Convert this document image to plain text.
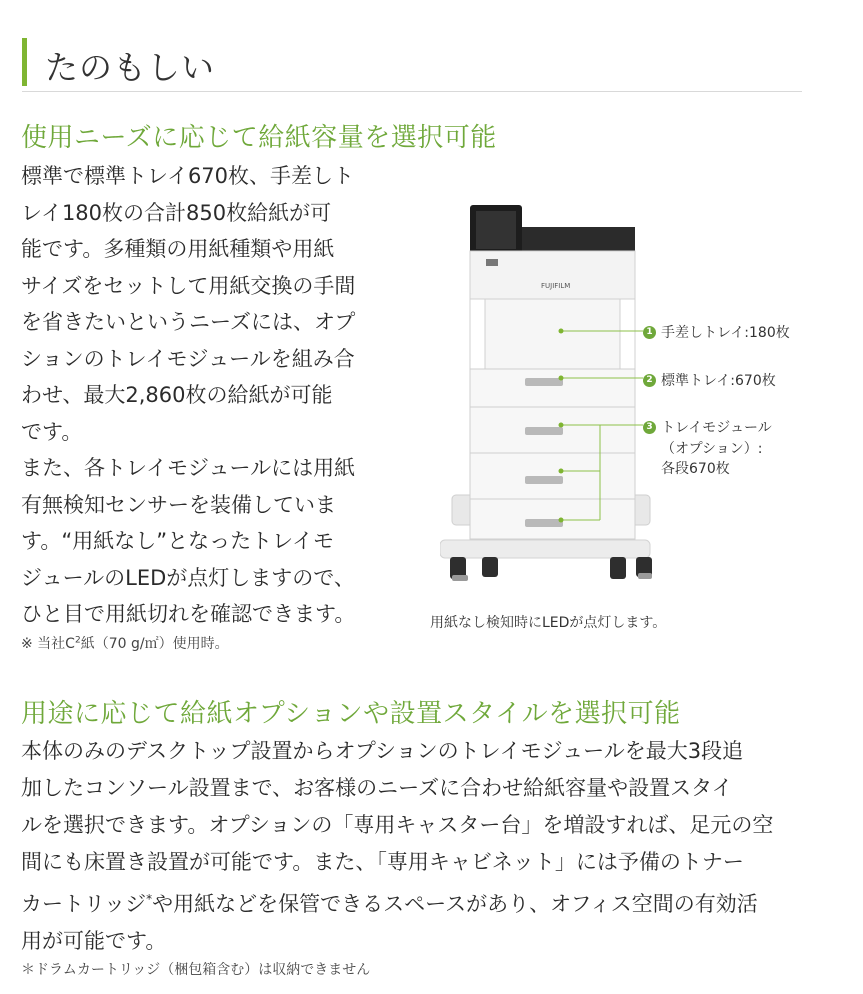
たのもしい
使用ニーズに応じて給紙容量を選択可能

標準で標準トレイ670枚、手差しト

レイ180枚の合計850枚給紙が可

能です。多種類の用紙種類や用紙

サイズをセットして用紙交換の手間

を省きたいというニーズには、オプ

ションのトレイモジュールを組み合

わせ、最大2,860枚の給紙が可能

です。

また、各トレイモジュールには用紙

有無検知センサーを装備していま

す。“用紙なし”となったトレイモ

ジュールのLEDが点灯しますので、

ひと目で用紙切れを確認できます。

※ 当社$C^2$紙（70 g/㎡）使用時。
FUJIFILM
1 手差しトレイ:180枚
2 標準トレイ:670枚
3 トレイモジュール
（オプション）:
各段670枚
用紙なし検知時にLEDが点灯します。
用途に応じて給紙オプションや設置スタイルを選択可能

本体のみのデスクトップ設置からオプションのトレイモジュールを最大3段追

加したコンソール設置まで、お客様のニーズに合わせ給紙容量や設置スタイ

ルを選択できます。オプションの「専用キャスター台」を増設すれば、足元の空

間にも床置き設置が可能です。また、「専用キャビネット」には予備のトナー

カートリッジ*や用紙などを保管できるスペースがあり、オフィス空間の有効活

用が可能です。

＊ドラムカートリッジ（梱包箱含む）は収納できません
